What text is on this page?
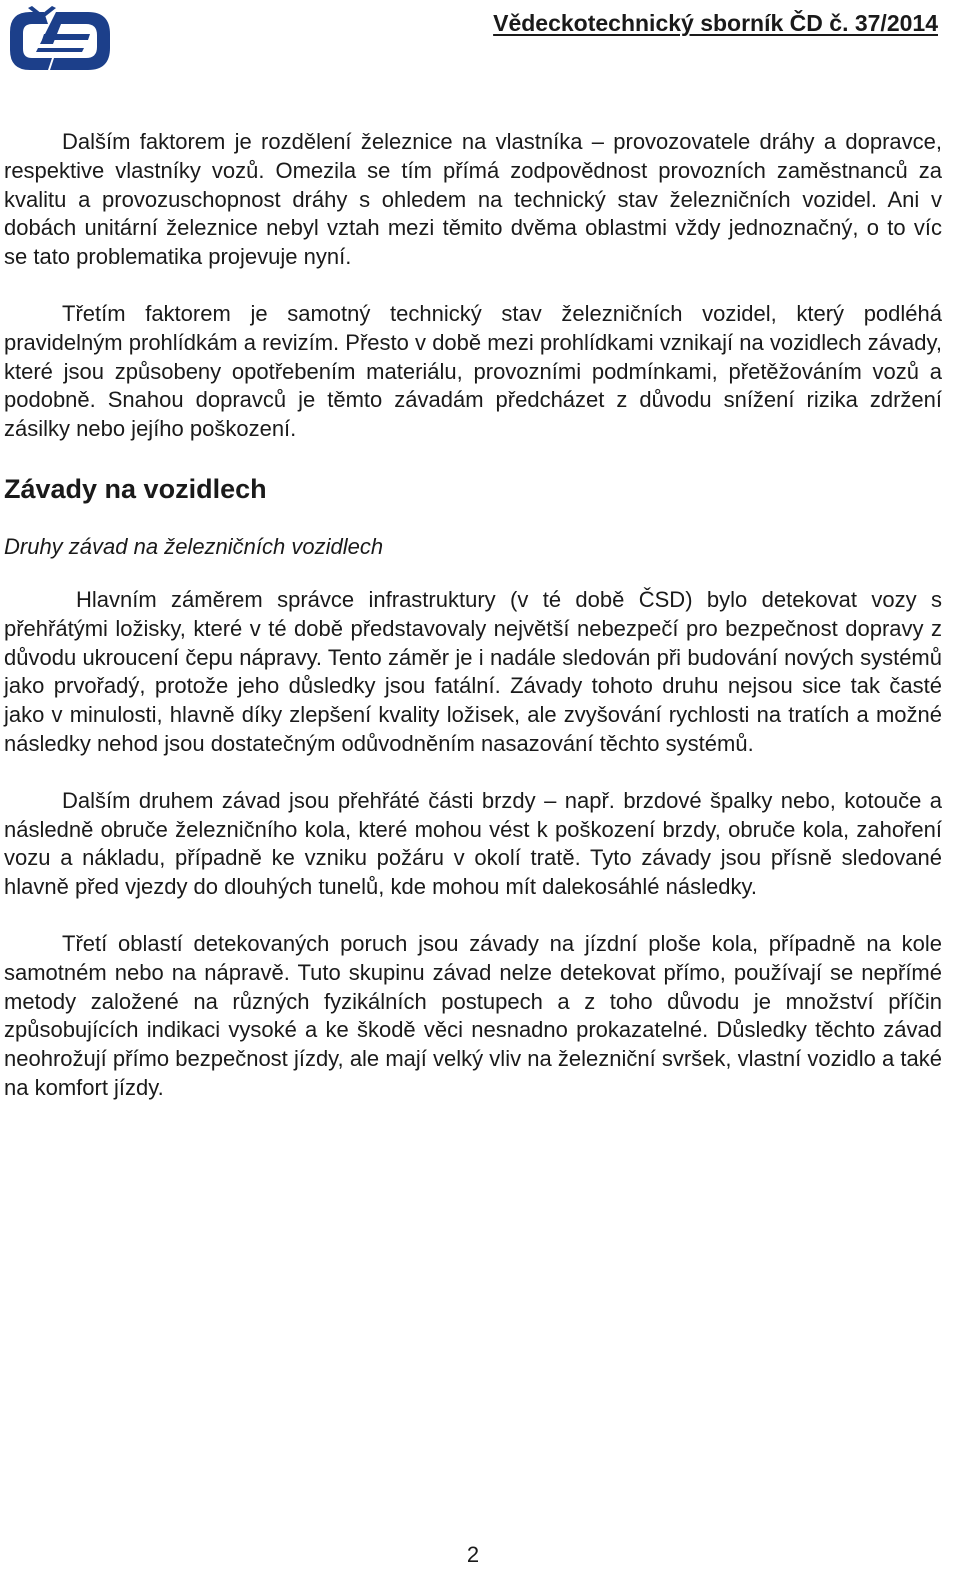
Vědeckotechnický sborník ČD č. 37/2014

Dalším faktorem je rozdělení železnice na vlastníka – provozovatele dráhy a dopravce, respektive vlastníky vozů. Omezila se tím přímá zodpovědnost provozních zaměstnanců za kvalitu a provozuschopnost dráhy s ohledem na technický stav železničních vozidel. Ani v dobách unitární železnice nebyl vztah mezi těmito dvěma oblastmi vždy jednoznačný, o to víc se tato problematika projevuje nyní.

Třetím faktorem je samotný technický stav železničních vozidel, který podléhá pravidelným prohlídkám a revizím. Přesto v době mezi prohlídkami vznikají na vozidlech závady, které jsou způsobeny opotřebením materiálu, provozními podmínkami, přetěžováním vozů a podobně. Snahou dopravců je těmto závadám předcházet z důvodu snížení rizika zdržení zásilky nebo jejího poškození.

Závady na vozidlech
Druhy závad na železničních vozidlech

Hlavním záměrem správce infrastruktury (v té době ČSD) bylo detekovat vozy s přehřátými ložisky, které v té době představovaly největší nebezpečí pro bezpečnost dopravy z důvodu ukroucení čepu nápravy. Tento záměr je i nadále sledován při budování nových systémů jako prvořadý, protože jeho důsledky jsou fatální. Závady tohoto druhu nejsou sice tak časté jako v minulosti, hlavně díky zlepšení kvality ložisek, ale zvyšování rychlosti na tratích a možné následky nehod jsou dostatečným odůvodněním nasazování těchto systémů.

Dalším druhem závad jsou přehřáté části brzdy – např. brzdové špalky nebo, kotouče a následně obruče železničního kola, které mohou vést k poškození brzdy, obruče kola, zahoření vozu a nákladu, případně ke vzniku požáru v okolí tratě. Tyto závady jsou přísně sledované hlavně před vjezdy do dlouhých tunelů, kde mohou mít dalekosáhlé následky.

Třetí oblastí detekovaných poruch jsou závady na jízdní ploše kola, případně na kole samotném nebo na nápravě. Tuto skupinu závad nelze detekovat přímo, používají se nepřímé metody založené na různých fyzikálních postupech a z toho důvodu je množství příčin způsobujících indikaci vysoké a ke škodě věci nesnadno prokazatelné. Důsledky těchto závad neohrožují přímo bezpečnost jízdy, ale mají velký vliv na železniční svršek, vlastní vozidlo a také na komfort jízdy.

2
